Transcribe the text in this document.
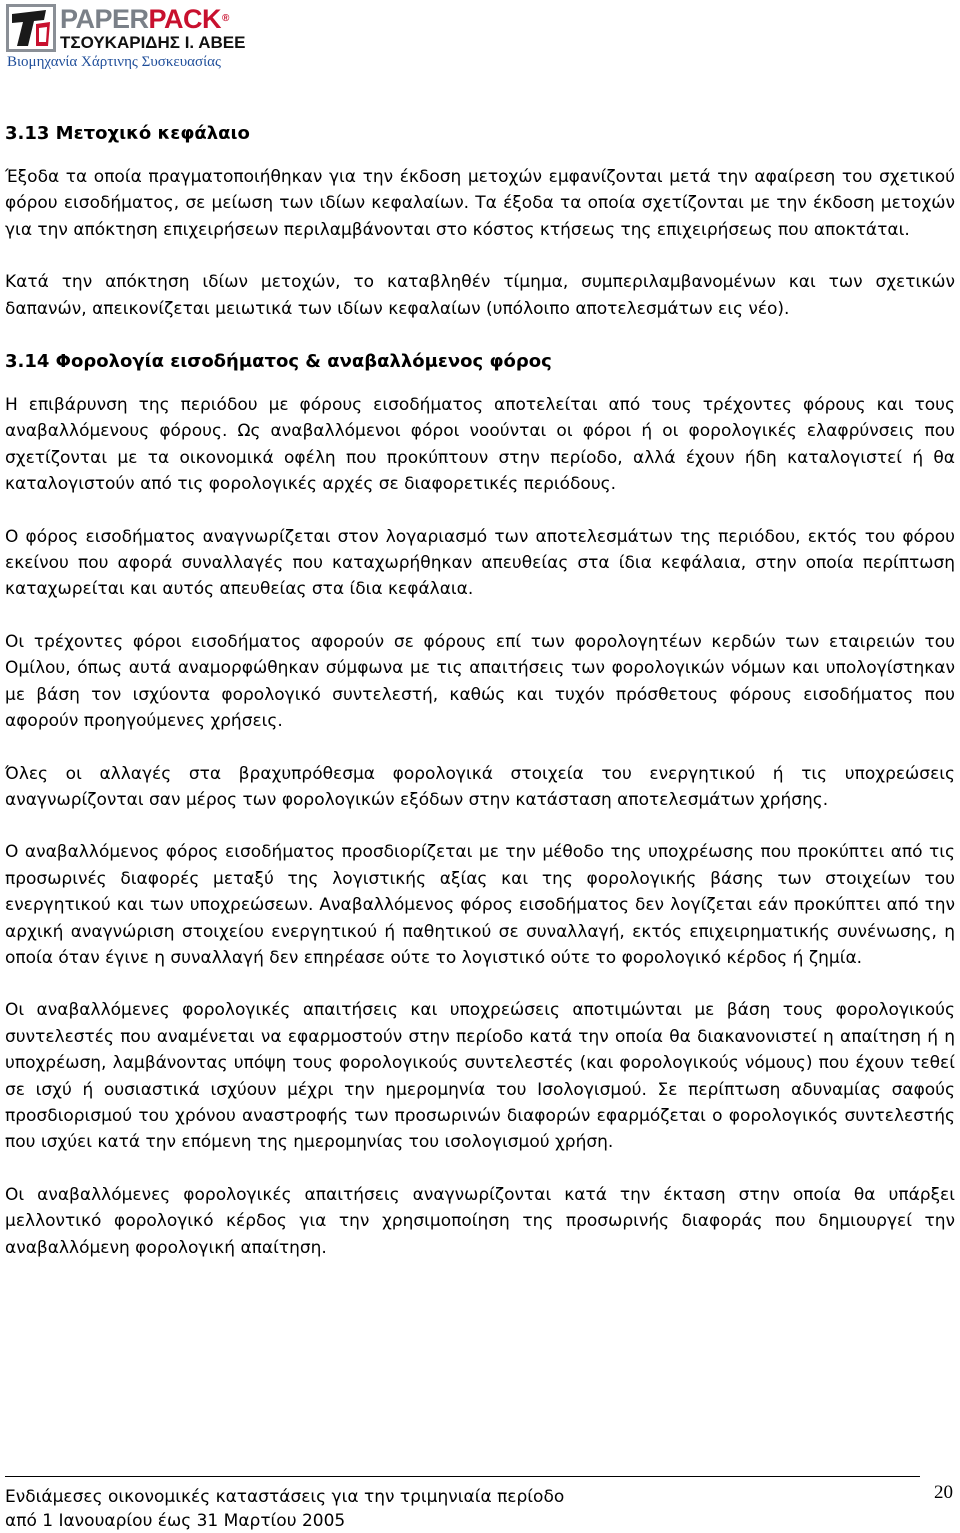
PAPERPACK®
ΤΣΟΥΚΑΡΙΔΗΣ Ι. ΑΒΕΕ
Βιομηχανία Χάρτινης Συσκευασίας
3.13 Μετοχικό κεφάλαιο

Έξοδα τα οποία πραγματοποιήθηκαν για την έκδοση μετοχών εμφανίζονται μετά την αφαίρεση του σχετικού φόρου εισοδήματος, σε μείωση των ιδίων κεφαλαίων. Τα έξοδα τα οποία σχετίζονται με την έκδοση μετοχών για την απόκτηση επιχειρήσεων περιλαμβάνονται στο κόστος κτήσεως της επιχειρήσεως που αποκτάται.

Κατά την απόκτηση ιδίων μετοχών, το καταβληθέν τίμημα, συμπεριλαμβανομένων και των σχετικών δαπανών, απεικονίζεται μειωτικά των ιδίων κεφαλαίων (υπόλοιπο αποτελεσμάτων εις νέο).

3.14 Φορολογία εισοδήματος & αναβαλλόμενος φόρος

Η επιβάρυνση της περιόδου με φόρους εισοδήματος αποτελείται από τους τρέχοντες φόρους και τους αναβαλλόμενους φόρους. Ως αναβαλλόμενοι φόροι νοούνται οι φόροι ή οι φορολογικές ελαφρύνσεις που σχετίζονται με τα οικονομικά οφέλη που προκύπτουν στην περίοδο, αλλά έχουν ήδη καταλογιστεί ή θα καταλογιστούν από τις φορολογικές αρχές σε διαφορετικές περιόδους.

Ο φόρος εισοδήματος αναγνωρίζεται στον λογαριασμό των αποτελεσμάτων της περιόδου, εκτός του φόρου εκείνου που αφορά συναλλαγές που καταχωρήθηκαν απευθείας στα ίδια κεφάλαια, στην οποία περίπτωση καταχωρείται και αυτός απευθείας στα ίδια κεφάλαια.

Οι τρέχοντες φόροι εισοδήματος αφορούν σε φόρους επί των φορολογητέων κερδών των εταιρειών του Ομίλου, όπως αυτά αναμορφώθηκαν σύμφωνα με τις απαιτήσεις των φορολογικών νόμων και υπολογίστηκαν με βάση τον ισχύοντα φορολογικό συντελεστή, καθώς και τυχόν πρόσθετους φόρους εισοδήματος που αφορούν προηγούμενες χρήσεις.

Όλες οι αλλαγές στα βραχυπρόθεσμα φορολογικά στοιχεία του ενεργητικού ή τις υποχρεώσεις αναγνωρίζονται σαν μέρος των φορολογικών εξόδων στην κατάσταση αποτελεσμάτων χρήσης.

Ο αναβαλλόμενος φόρος εισοδήματος προσδιορίζεται με την μέθοδο της υποχρέωσης που προκύπτει από τις προσωρινές διαφορές μεταξύ της λογιστικής αξίας και της φορολογικής βάσης των στοιχείων του ενεργητικού και των υποχρεώσεων. Αναβαλλόμενος φόρος εισοδήματος δεν λογίζεται εάν προκύπτει από την αρχική αναγνώριση στοιχείου ενεργητικού ή παθητικού σε συναλλαγή, εκτός επιχειρηματικής συνένωσης, η οποία όταν έγινε η συναλλαγή δεν επηρέασε ούτε το λογιστικό ούτε το φορολογικό κέρδος ή ζημία.

Οι αναβαλλόμενες φορολογικές απαιτήσεις και υποχρεώσεις αποτιμώνται με βάση τους φορολογικούς συντελεστές που αναμένεται να εφαρμοστούν στην περίοδο κατά την οποία θα διακανονιστεί η απαίτηση ή η υποχρέωση, λαμβάνοντας υπόψη τους φορολογικούς συντελεστές (και φορολογικούς νόμους) που έχουν τεθεί σε ισχύ ή ουσιαστικά ισχύουν μέχρι την ημερομηνία του Ισολογισμού. Σε περίπτωση αδυναμίας σαφούς προσδιορισμού του χρόνου αναστροφής των προσωρινών διαφορών εφαρμόζεται ο φορολογικός συντελεστής που ισχύει κατά την επόμενη της ημερομηνίας του ισολογισμού χρήση.

Οι αναβαλλόμενες φορολογικές απαιτήσεις αναγνωρίζονται κατά την έκταση στην οποία θα υπάρξει μελλοντικό φορολογικό κέρδος για την χρησιμοποίηση της προσωρινής διαφοράς που δημιουργεί την αναβαλλόμενη φορολογική απαίτηση.

Ενδιάμεσες οικονομικές καταστάσεις για την τριμηνιαία περίοδο
από 1 Ιανουαρίου έως 31 Μαρτίου 2005
20
